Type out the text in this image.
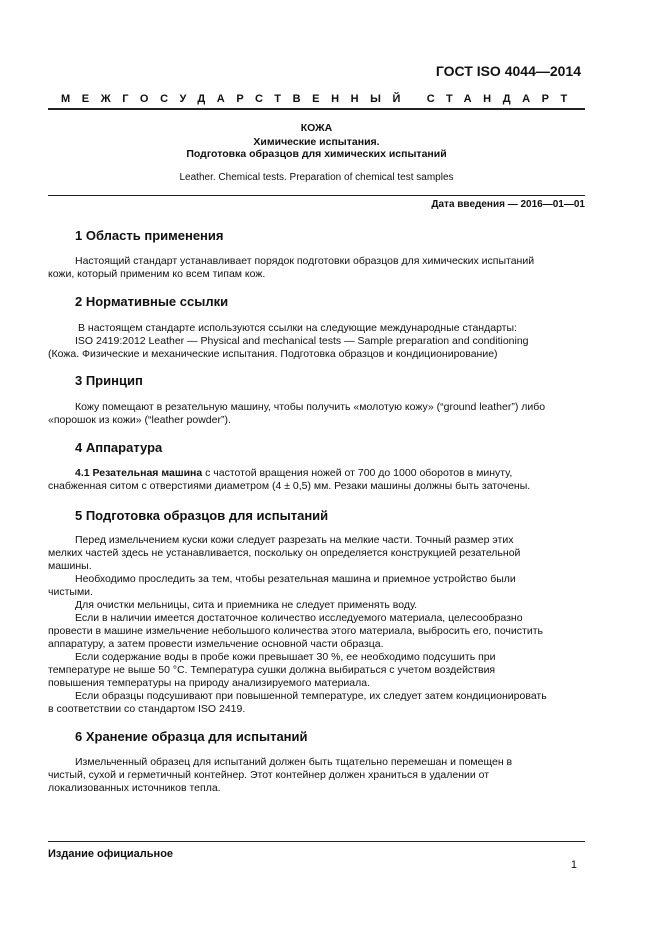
ГОСТ ISO 4044—2014
МЕЖГОСУДАРСТВЕННЫЙ СТАНДАРТ
КОЖА
Химические испытания.
Подготовка образцов для химических испытаний
Leather. Chemical tests. Preparation of chemical test samples
Дата введения — 2016—01—01
1 Область применения
Настоящий стандарт устанавливает порядок подготовки образцов для химических испытаний
кожи, который применим ко всем типам кож.
2 Нормативные ссылки
В настоящем стандарте используются ссылки на следующие международные стандарты:
ISO 2419:2012 Leather — Physical and mechanical tests — Sample preparation and conditioning
(Кожа. Физические и механические испытания. Подготовка образцов и кондиционирование)
3 Принцип
Кожу помещают в резательную машину, чтобы получить «молотую кожу» (“ground leather”) либо
«порошок из кожи» (“leather powder”).
4 Аппаратура
4.1 Резательная машина с частотой вращения ножей от 700 до 1000 оборотов в минуту,
снабженная ситом с отверстиями диаметром (4 ± 0,5) мм. Резаки машины должны быть заточены.
5 Подготовка образцов для испытаний
Перед измельчением куски кожи следует разрезать на мелкие части. Точный размер этих
мелких частей здесь не устанавливается, поскольку он определяется конструкцией резательной
машины.
Необходимо проследить за тем, чтобы резательная машина и приемное устройство были
чистыми.
Для очистки мельницы, сита и приемника не следует применять воду.
Если в наличии имеется достаточное количество исследуемого материала, целесообразно
провести в машине измельчение небольшого количества этого материала, выбросить его, почистить
аппаратуру, а затем провести измельчение основной части образца.
Если содержание воды в пробе кожи превышает 30 %, ее необходимо подсушить при
температуре не выше 50 °С. Температура сушки должна выбираться с учетом воздействия
повышения температуры на природу анализируемого материала.
Если образцы подсушивают при повышенной температуре, их следует затем кондиционировать
в соответствии со стандартом ISO 2419.
6 Хранение образца для испытаний
Измельченный образец для испытаний должен быть тщательно перемешан и помещен в
чистый, сухой и герметичный контейнер. Этот контейнер должен храниться в удалении от
локализованных источников тепла.
Издание официальное
1
